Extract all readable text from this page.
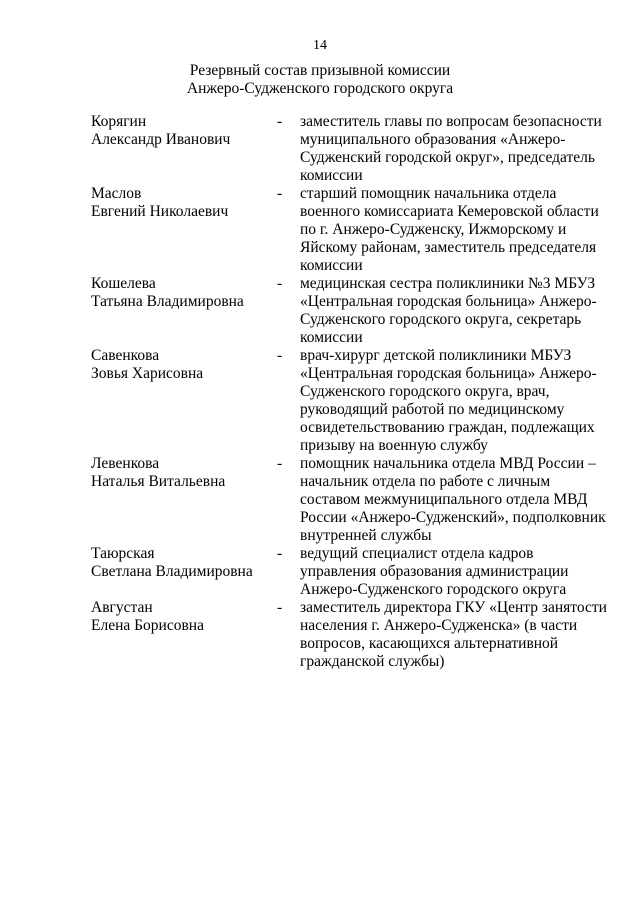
14
Резервный состав призывной комиссии
Анжеро-Судженского городского округа
Корягин
Александр Иванович
-	заместитель главы по вопросам безопасности
муниципального образования «Анжеро-
Судженский городской округ», председатель
комиссии
Маслов
Евгений Николаевич
-	старший помощник начальника отдела
военного комиссариата Кемеровской области
по г. Анжеро-Судженску, Ижморскому и
Яйскому районам, заместитель председателя
комиссии
Кошелева
Татьяна Владимировна
-	медицинская сестра поликлиники №3 МБУЗ
«Центральная городская больница» Анжеро-
Судженского городского округа, секретарь
комиссии
Савенкова
Зовья Харисовна
-	врач-хирург детской поликлиники МБУЗ
«Центральная городская больница» Анжеро-
Судженского городского округа, врач,
руководящий работой по медицинскому
освидетельствованию граждан, подлежащих
призыву на военную службу
Левенкова
Наталья Витальевна
-	помощник начальника отдела МВД России –
начальник отдела по работе с личным
составом межмуниципального отдела МВД
России «Анжеро-Судженский», подполковник
внутренней службы
Таюрская
Светлана Владимировна
-	ведущий специалист отдела кадров
управления образования администрации
Анжеро-Судженского городского округа
Августан
Елена Борисовна
-	заместитель директора ГКУ «Центр занятости
населения г. Анжеро-Судженска» (в части
вопросов, касающихся альтернативной
гражданской службы)
